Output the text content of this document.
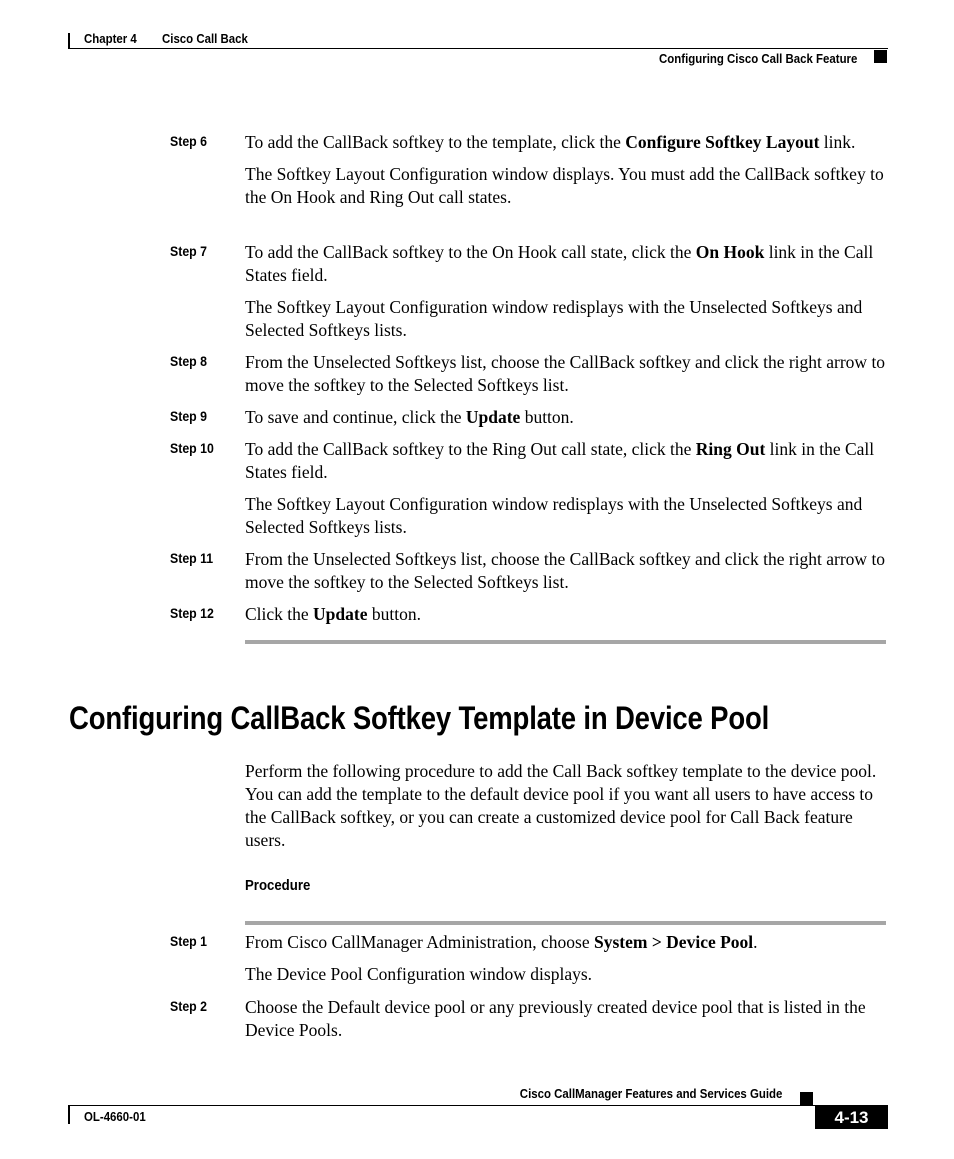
Chapter 4 Cisco Call Back
Configuring Cisco Call Back Feature
Step 6 To add the CallBack softkey to the template, click the Configure Softkey Layout link.

The Softkey Layout Configuration window displays. You must add the CallBack softkey to the On Hook and Ring Out call states.

Step 7 To add the CallBack softkey to the On Hook call state, click the On Hook link in the Call States field.

The Softkey Layout Configuration window redisplays with the Unselected Softkeys and Selected Softkeys lists.

Step 8 From the Unselected Softkeys list, choose the CallBack softkey and click the right arrow to move the softkey to the Selected Softkeys list.

Step 9 To save and continue, click the Update button.

Step 10 To add the CallBack softkey to the Ring Out call state, click the Ring Out link in the Call States field.

The Softkey Layout Configuration window redisplays with the Unselected Softkeys and Selected Softkeys lists.

Step 11 From the Unselected Softkeys list, choose the CallBack softkey and click the right arrow to move the softkey to the Selected Softkeys list.

Step 12 Click the Update button.

Configuring CallBack Softkey Template in Device Pool

Perform the following procedure to add the Call Back softkey template to the device pool. You can add the template to the default device pool if you want all users to have access to the CallBack softkey, or you can create a customized device pool for Call Back feature users.

Procedure
Step 1 From Cisco CallManager Administration, choose System > Device Pool.

The Device Pool Configuration window displays.

Step 2 Choose the Default device pool or any previously created device pool that is listed in the Device Pools.

Cisco CallManager Features and Services Guide
OL-4660-01	4-13
